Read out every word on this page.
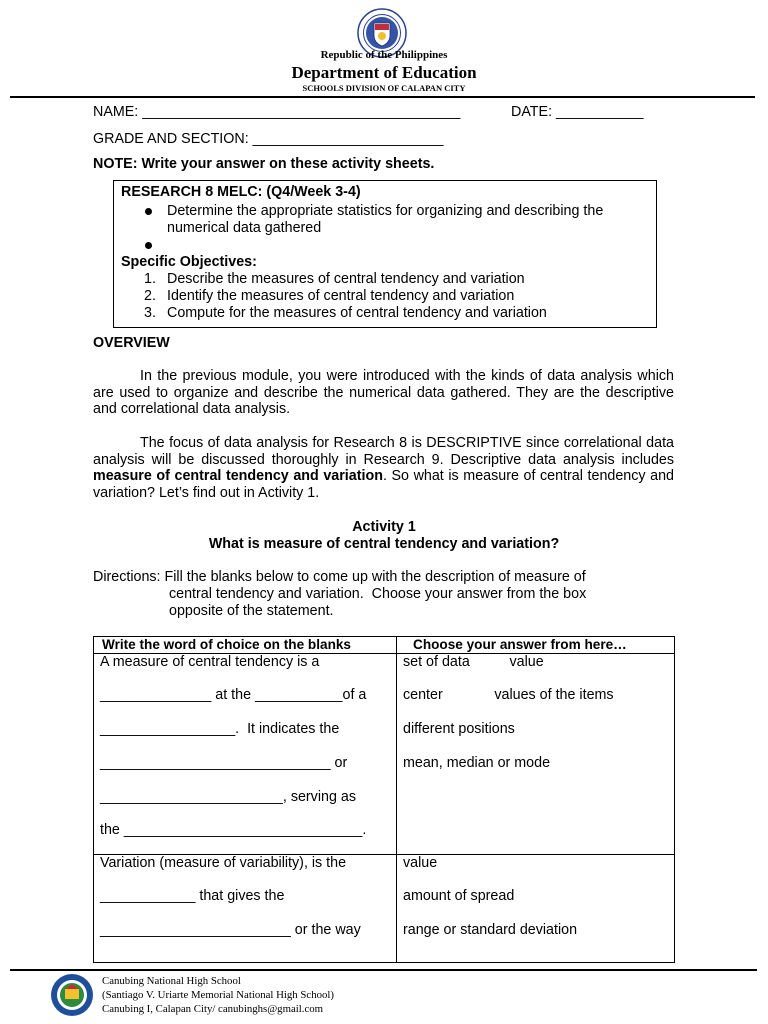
Republic of the Philippines
Department of Education
SCHOOLS DIVISION OF CALAPAN CITY
NAME: ________________________________________	DATE: ___________
GRADE AND SECTION: ________________________
NOTE: Write your answer on these activity sheets.
RESEARCH 8 MELC: (Q4/Week 3-4)
Determine the appropriate statistics for organizing and describing the
numerical data gathered
Specific Objectives:
1. Describe the measures of central tendency and variation
2. Identify the measures of central tendency and variation
3. Compute for the measures of central tendency and variation
OVERVIEW
In the previous module, you were introduced with the kinds of data analysis which are used to organize and describe the numerical data gathered. They are the descriptive and correlational data analysis.
The focus of data analysis for Research 8 is DESCRIPTIVE since correlational data analysis will be discussed thoroughly in Research 9. Descriptive data analysis includes measure of central tendency and variation. So what is measure of central tendency and variation? Let’s find out in Activity 1.
Activity 1
What is measure of central tendency and variation?
Directions: Fill the blanks below to come up with the description of measure of
central tendency and variation.  Choose your answer from the box
opposite of the statement.
Write the word of choice on the blanks	Choose your answer from here…
A measure of central tendency is a
______________ at the ___________of a
_________________.  It indicates the
_____________________________ or
_______________________, serving as
the ______________________________.
set of data          value
center             values of the items
different positions
mean, median or mode
Variation (measure of variability), is the
____________ that gives the
________________________ or the way
value
amount of spread
range or standard deviation
Canubing National High School
(Santiago V. Uriarte Memorial National High School)
Canubing I, Calapan City/ canubinghs@gmail.com
